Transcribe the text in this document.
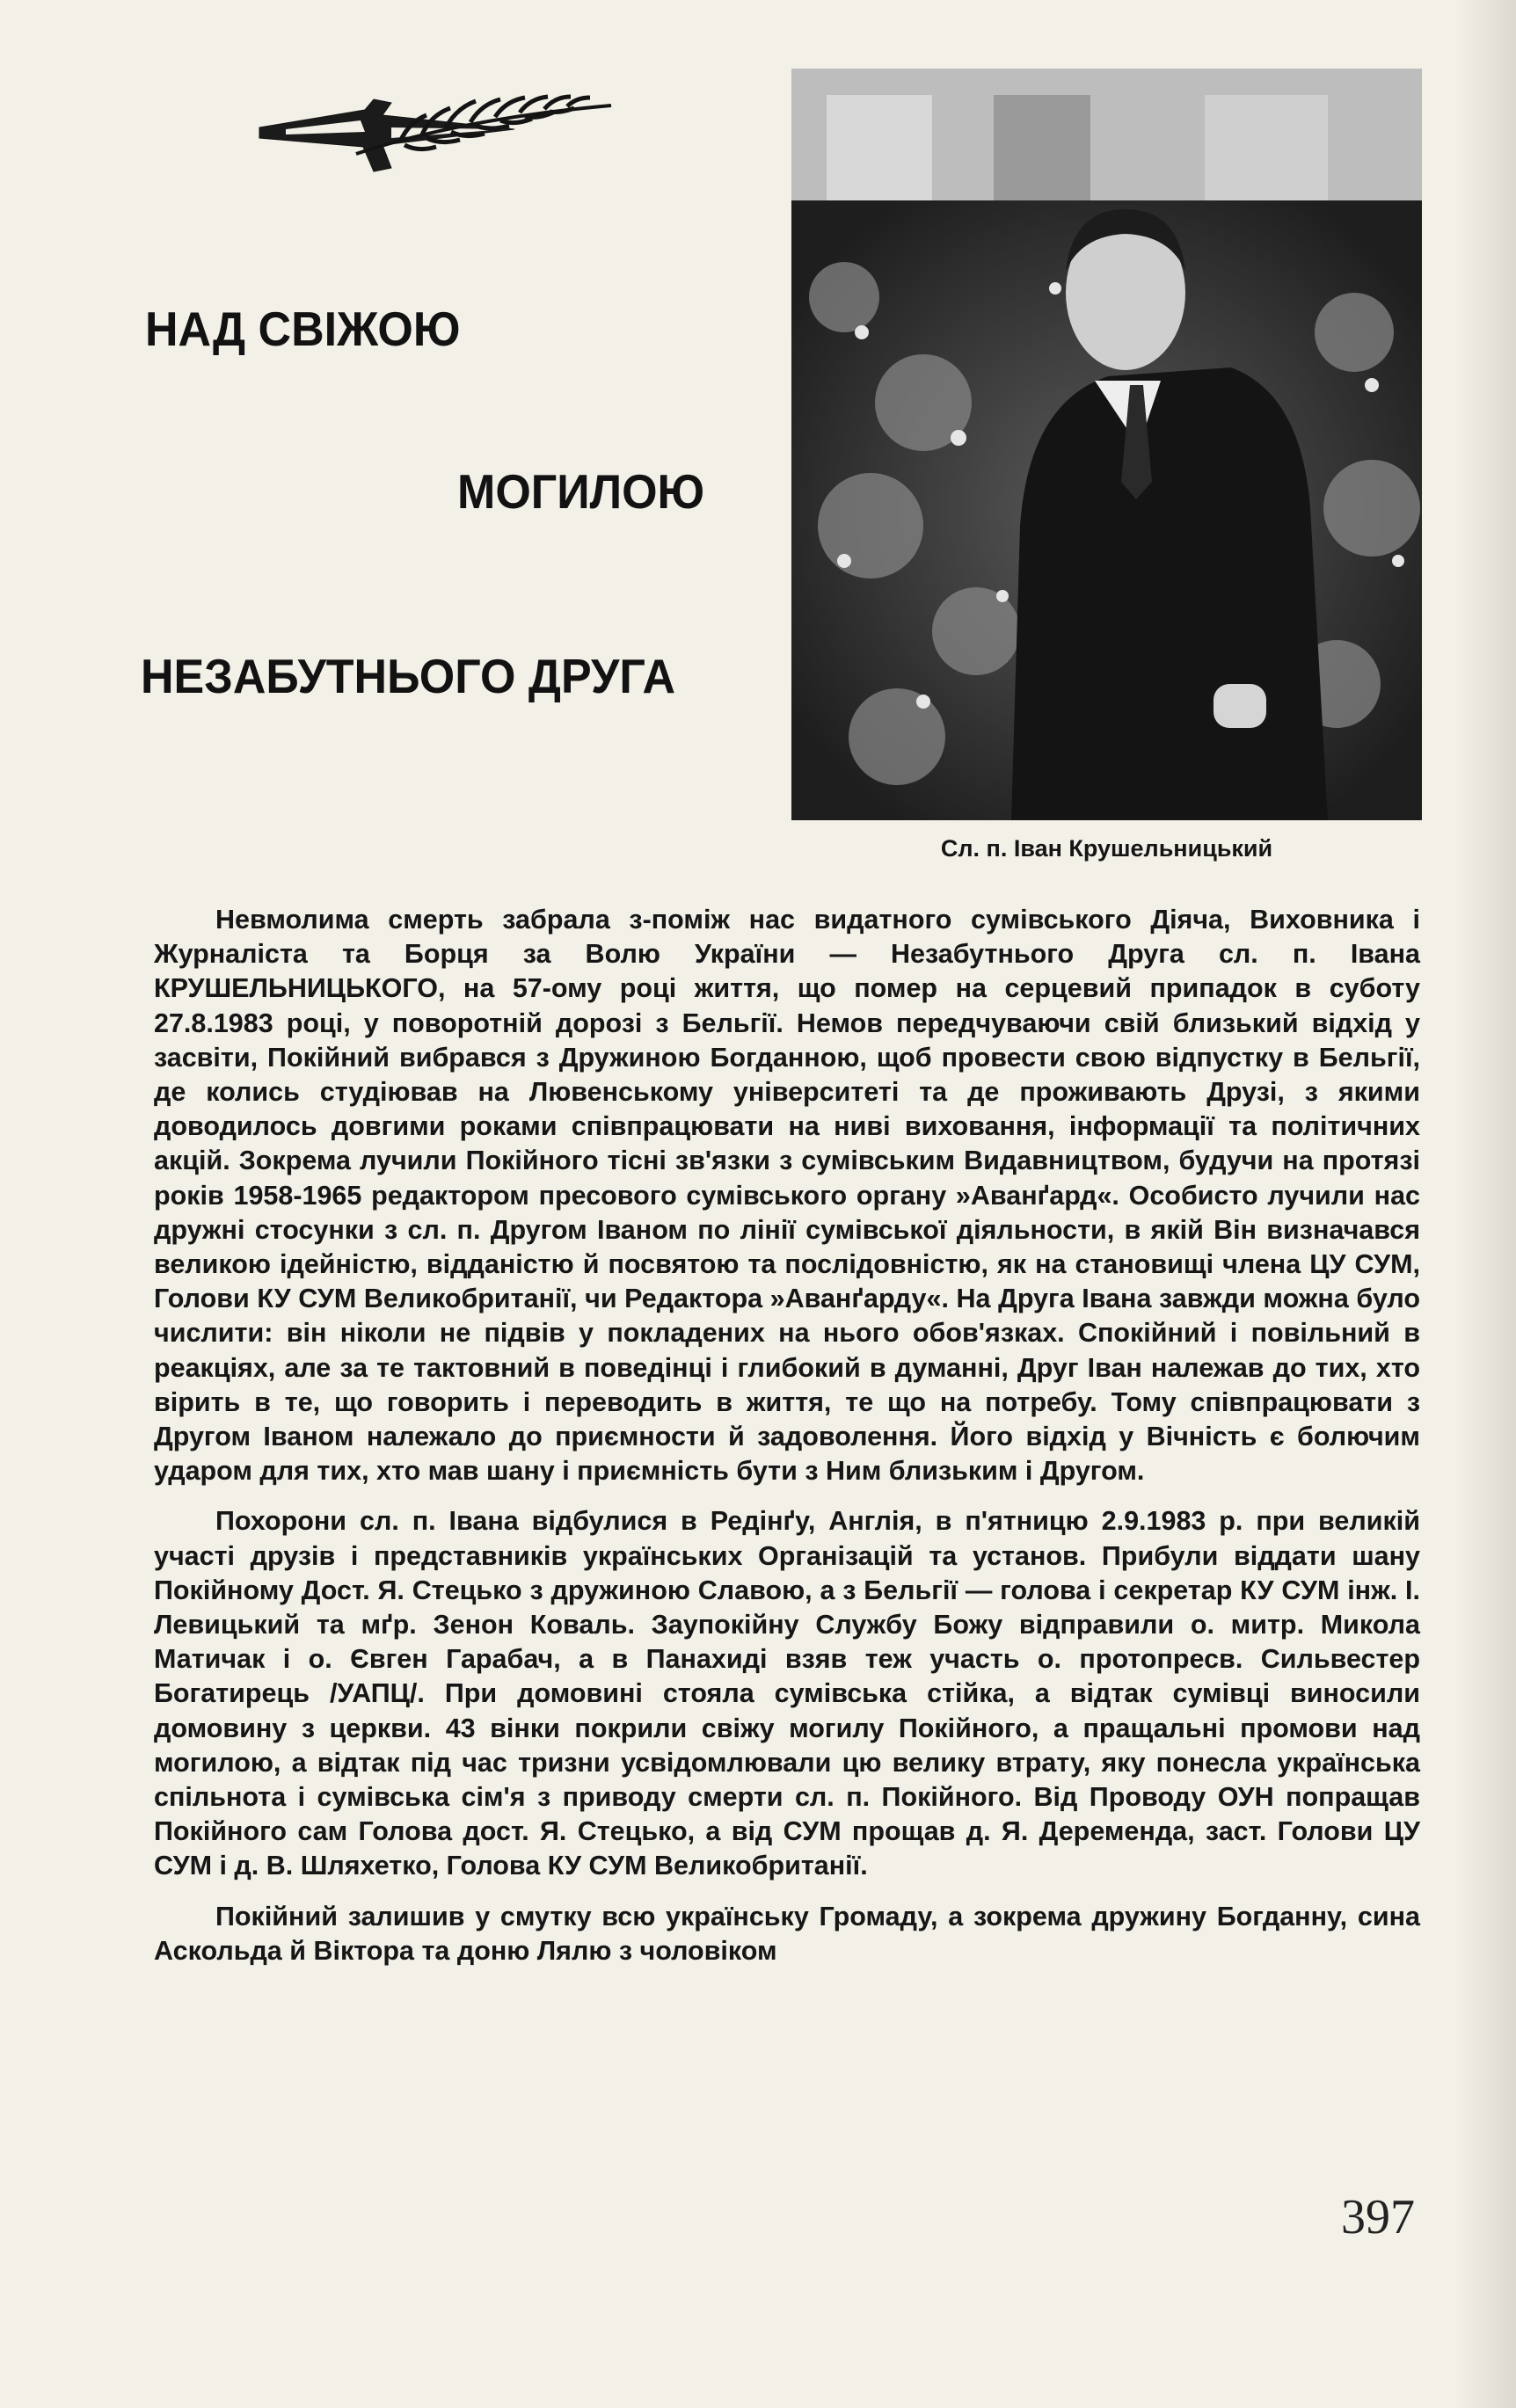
НАД СВІЖОЮ
МОГИЛОЮ
НЕЗАБУТНЬОГО ДРУГА
Сл. п. Іван Крушельницький

Невмолима смерть забрала з-поміж нас видатного сумівського Діяча, Виховника і Журналіста та Борця за Волю України — Незабутнього Друга сл. п. Івана КРУШЕЛЬНИЦЬКОГО, на 57-ому році життя, що помер на серцевий припадок в суботу 27.8.1983 році, у поворотній дорозі з Бельгії. Немов передчуваючи свій близький відхід у засвіти, Покійний вибрався з Дружиною Богданною, щоб провести свою відпустку в Бельгії, де колись студіював на Лювенському університеті та де проживають Друзі, з якими доводилось довгими роками співпрацювати на ниві виховання, інформації та політичних акцій. Зокрема лучили Покійного тісні зв'язки з сумівським Видавництвом, будучи на протязі років 1958-1965 редактором пресового сумівського органу »Аванґард«. Особисто лучили нас дружні стосунки з сл. п. Другом Іваном по лінії сумівської діяльности, в якій Він визначався великою ідейністю, відданістю й посвятою та послідовністю, як на становищі члена ЦУ СУМ, Голови КУ СУМ Великобританії, чи Редактора »Аванґарду«. На Друга Івана завжди можна було числити: він ніколи не підвів у покладених на нього обов'язках. Спокійний і повільний в реакціях, але за те тактовний в поведінці і глибокий в думанні, Друг Іван належав до тих, хто вірить в те, що говорить і переводить в життя, те що на потребу. Тому співпрацювати з Другом Іваном належало до приємности й задоволення. Його відхід у Вічність є болючим ударом для тих, хто мав шану і приємність бути з Ним близьким і Другом.

Похорони сл. п. Івана відбулися в Редінґу, Англія, в п'ятницю 2.9.1983 р. при великій участі друзів і представників українських Організацій та установ. Прибули віддати шану Покійному Дост. Я. Стецько з дружиною Славою, а з Бельгії — голова і секретар КУ СУМ інж. І. Левицький та мґр. Зенон Коваль. Заупокійну Службу Божу відправили о. митр. Микола Матичак і о. Євген Гарабач, а в Панахиді взяв теж участь о. протопресв. Сильвестер Богатирець /УАПЦ/. При домовині стояла сумівська стійка, а відтак сумівці виносили домовину з церкви. 43 вінки покрили свіжу могилу Покійного, а пращальні промови над могилою, а відтак під час тризни усвідомлювали цю велику втрату, яку понесла українська спільнота і сумівська сім'я з приводу смерти сл. п. Покійного. Від Проводу ОУН попращав Покійного сам Голова дост. Я. Стецько, а від СУМ прощав д. Я. Деременда, заст. Голови ЦУ СУМ і д. В. Шляхетко, Голова КУ СУМ Великобританії.

Покійний залишив у смутку всю українську Громаду, а зокрема дружину Богданну, сина Аскольда й Віктора та доню Лялю з чоловіком

397
